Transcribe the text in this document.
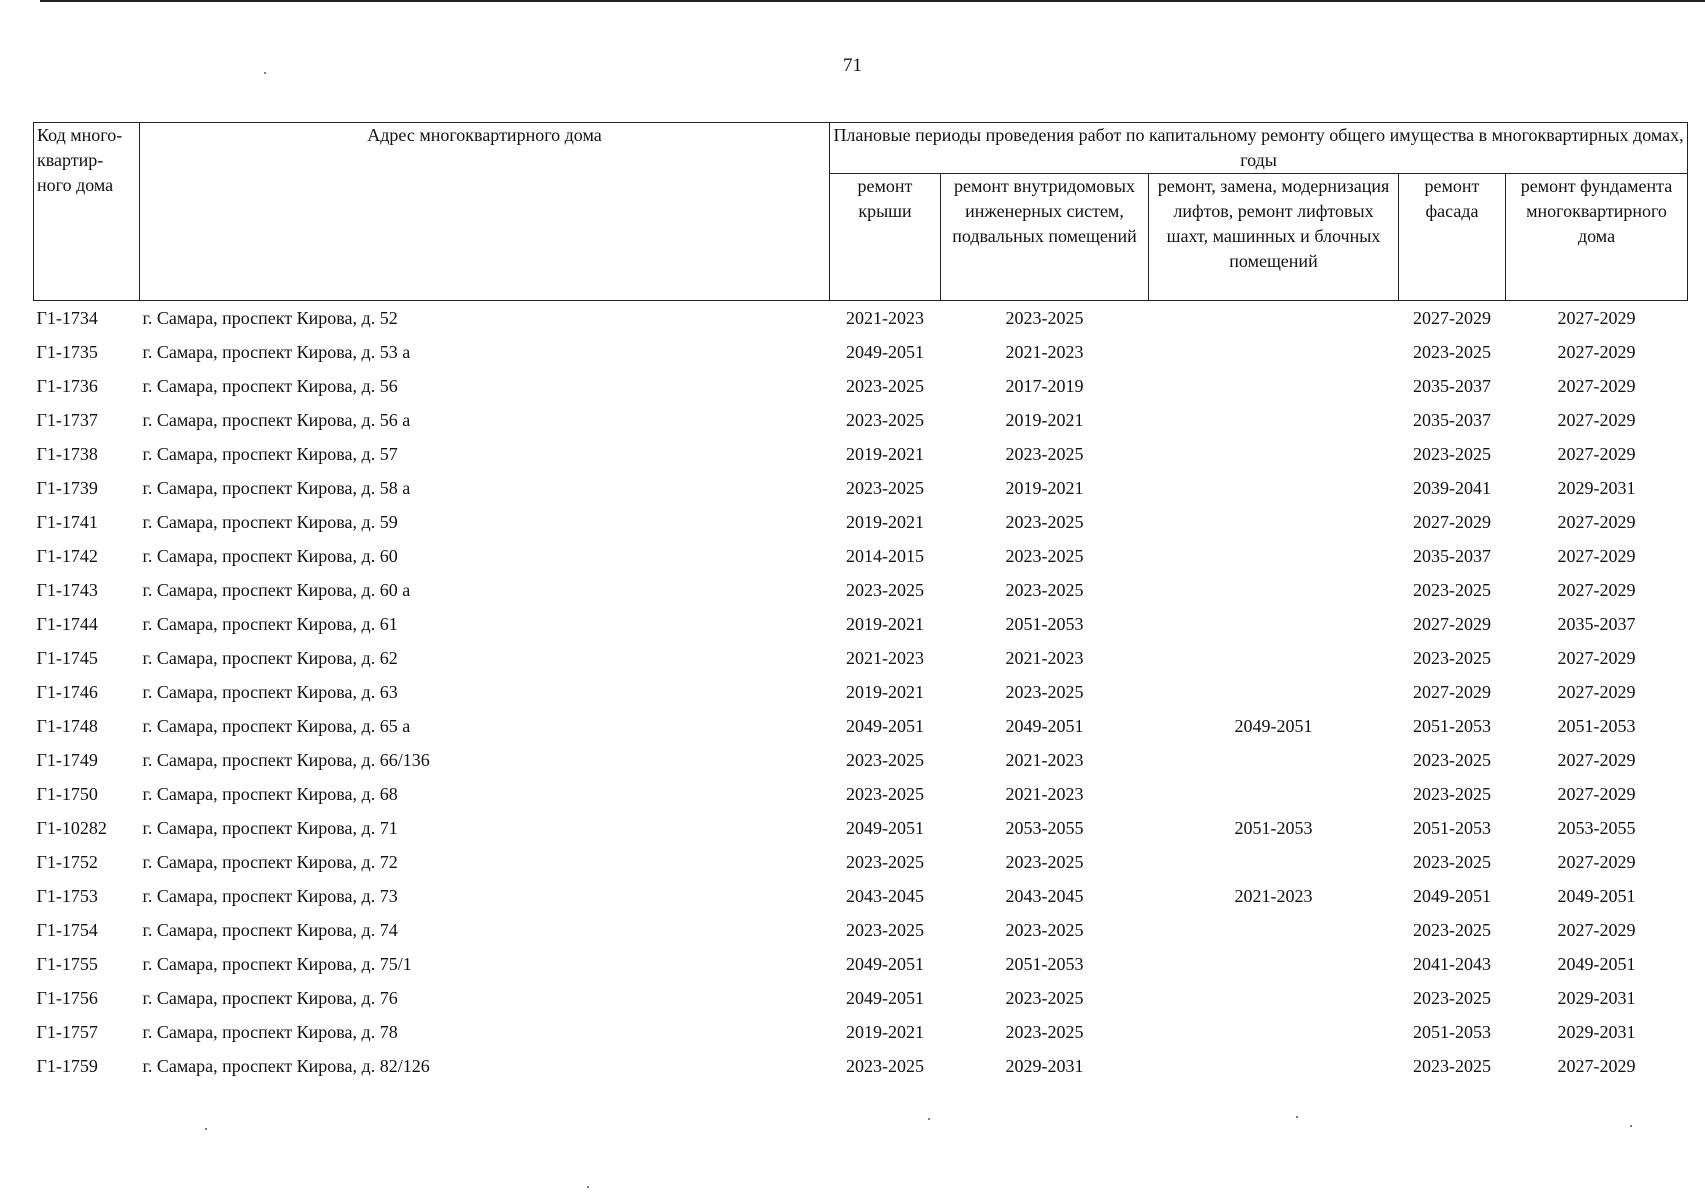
71
Код много-квартир-ного дома	Адрес многоквартирного дома	Плановые периоды проведения работ по капитальному ремонту общего имущества в многоквартирных домах, годы				
		ремонт крыши	ремонт внутридомовых инженерных систем, подвальных помещений	ремонт, замена, модернизация лифтов, ремонт лифтовых шахт, машинных и блочных помещений	ремонт фасада	ремонт фундамента многоквартирного дома
Г1-1734	г. Самара, проспект Кирова, д. 52	2021-2023	2023-2025		2027-2029	2027-2029
Г1-1735	г. Самара, проспект Кирова, д. 53 а	2049-2051	2021-2023		2023-2025	2027-2029
Г1-1736	г. Самара, проспект Кирова, д. 56	2023-2025	2017-2019		2035-2037	2027-2029
Г1-1737	г. Самара, проспект Кирова, д. 56 а	2023-2025	2019-2021		2035-2037	2027-2029
Г1-1738	г. Самара, проспект Кирова, д. 57	2019-2021	2023-2025		2023-2025	2027-2029
Г1-1739	г. Самара, проспект Кирова, д. 58 а	2023-2025	2019-2021		2039-2041	2029-2031
Г1-1741	г. Самара, проспект Кирова, д. 59	2019-2021	2023-2025		2027-2029	2027-2029
Г1-1742	г. Самара, проспект Кирова, д. 60	2014-2015	2023-2025		2035-2037	2027-2029
Г1-1743	г. Самара, проспект Кирова, д. 60 а	2023-2025	2023-2025		2023-2025	2027-2029
Г1-1744	г. Самара, проспект Кирова, д. 61	2019-2021	2051-2053		2027-2029	2035-2037
Г1-1745	г. Самара, проспект Кирова, д. 62	2021-2023	2021-2023		2023-2025	2027-2029
Г1-1746	г. Самара, проспект Кирова, д. 63	2019-2021	2023-2025		2027-2029	2027-2029
Г1-1748	г. Самара, проспект Кирова, д. 65 а	2049-2051	2049-2051	2049-2051	2051-2053	2051-2053
Г1-1749	г. Самара, проспект Кирова, д. 66/136	2023-2025	2021-2023		2023-2025	2027-2029
Г1-1750	г. Самара, проспект Кирова, д. 68	2023-2025	2021-2023		2023-2025	2027-2029
Г1-10282	г. Самара, проспект Кирова, д. 71	2049-2051	2053-2055	2051-2053	2051-2053	2053-2055
Г1-1752	г. Самара, проспект Кирова, д. 72	2023-2025	2023-2025		2023-2025	2027-2029
Г1-1753	г. Самара, проспект Кирова, д. 73	2043-2045	2043-2045	2021-2023	2049-2051	2049-2051
Г1-1754	г. Самара, проспект Кирова, д. 74	2023-2025	2023-2025		2023-2025	2027-2029
Г1-1755	г. Самара, проспект Кирова, д. 75/1	2049-2051	2051-2053		2041-2043	2049-2051
Г1-1756	г. Самара, проспект Кирова, д. 76	2049-2051	2023-2025		2023-2025	2029-2031
Г1-1757	г. Самара, проспект Кирова, д. 78	2019-2021	2023-2025		2051-2053	2029-2031
Г1-1759	г. Самара, проспект Кирова, д. 82/126	2023-2025	2029-2031		2023-2025	2027-2029
